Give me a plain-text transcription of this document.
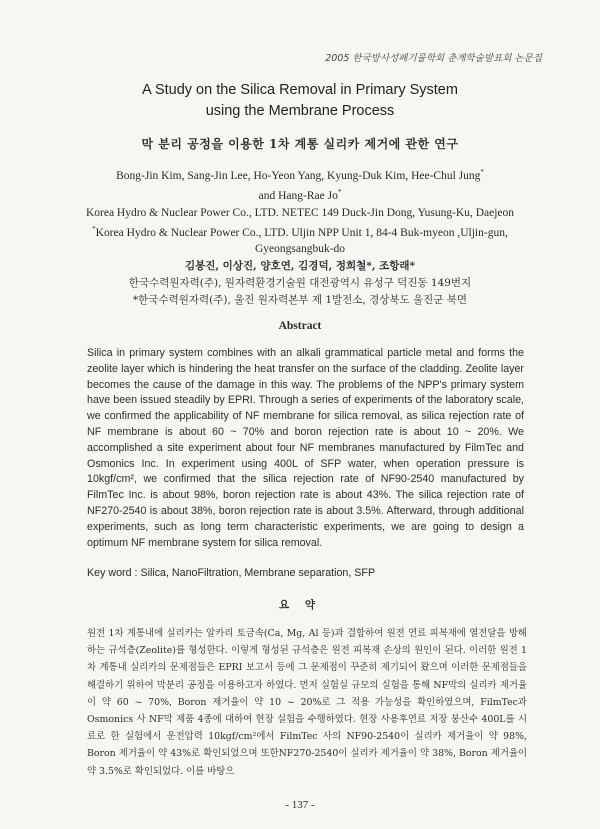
2005 한국방사성폐기물학회 춘계학술발표회 논문집
A Study on the Silica Removal in Primary System
using the Membrane Process
막 분리 공정을 이용한 1차 계통 실리카 제거에 관한 연구
Bong-Jin Kim, Sang-Jin Lee, Ho-Yeon Yang, Kyung-Duk Kim, Hee-Chul Jung*
and Hang-Rae Jo*
Korea Hydro & Nuclear Power Co., LTD. NETEC 149 Duck-Jin Dong, Yusung-Ku, Daejeon
*Korea Hydro & Nuclear Power Co., LTD. Uljin NPP Unit 1, 84-4 Buk-myeon ,Uljin-gun,
Gyeongsangbuk-do
김봉진, 이상진, 양호연, 김경덕, 정희철*, 조항래*
한국수력원자력(주), 원자력환경기술원 대전광역시 유성구 덕진동 149번지
*한국수력원자력(주), 울진 원자력본부 제 1발전소, 경상북도 울진군 북면
Abstract
Silica in primary system combines with an alkali grammatical particle metal and forms the zeolite layer which is hindering the heat transfer on the surface of the cladding. Zeolite layer becomes the cause of the damage in this way. The problems of the NPP's primary system have been issued steadily by EPRI. Through a series of experiments of the laboratory scale, we confirmed the applicability of NF membrane for silica removal, as silica rejection rate of NF membrane is about 60 ~ 70% and boron rejection rate is about 10 ~ 20%. We accomplished a site experiment about four NF membranes manufactured by FilmTec and Osmonics Inc. In experiment using 400L of SFP water, when operation pressure is 10kgf/cm², we confirmed that the silica rejection rate of NF90-2540 manufactured by FilmTec Inc. is about 98%, boron rejection rate is about 43%. The silica rejection rate of NF270-2540 is about 38%, boron rejection rate is about 3.5%. Afterward, through additional experiments, such as long term characteristic experiments, we are going to design a optimum NF membrane system for silica removal.
Key word : Silica, NanoFiltration, Membrane separation, SFP
요 약
원전 1차 계통내에 실리카는 알카리 토금속(Ca, Mg, Al 등)과 결합하여 원전 연료 피복재에 열전달을 방해하는 규석층(Zeolite)를 형성한다. 이렇게 형성된 규석층은 원전 피복재 손상의 원인이 된다. 이러한 원전 1차 계통내 실리카의 문제점들은 EPRI 보고서 등에 그 문제점이 꾸준히 제기되어 왔으며 이러한 문제점들을 해결하기 위하여 막분리 공정을 이용하고자 하였다. 먼저 실험실 규모의 실험을 통해 NF막의 실리카 제거율이 약 60 ~ 70%, Boron 제거율이 약 10 ~ 20%로 그 적용 가능성을 확인하였으며, FilmTec과 Osmonics 사 NF막 제품 4종에 대하여 현장 실험을 수행하였다. 현장 사용후연료 저장 붕산수 400L를 시료로 한 실험에서 운전압력 10kgf/cm²에서 FilmTec 사의 NF90-2540이 실리카 제거율이 약 98%, Boron 제거율이 약 43%로 확인되었으며 또한NF270-2540이 실리카 제거율이 약 38%, Boron 제거율이 약 3.5%로 확인되었다. 이를 바탕으
- 137 -
